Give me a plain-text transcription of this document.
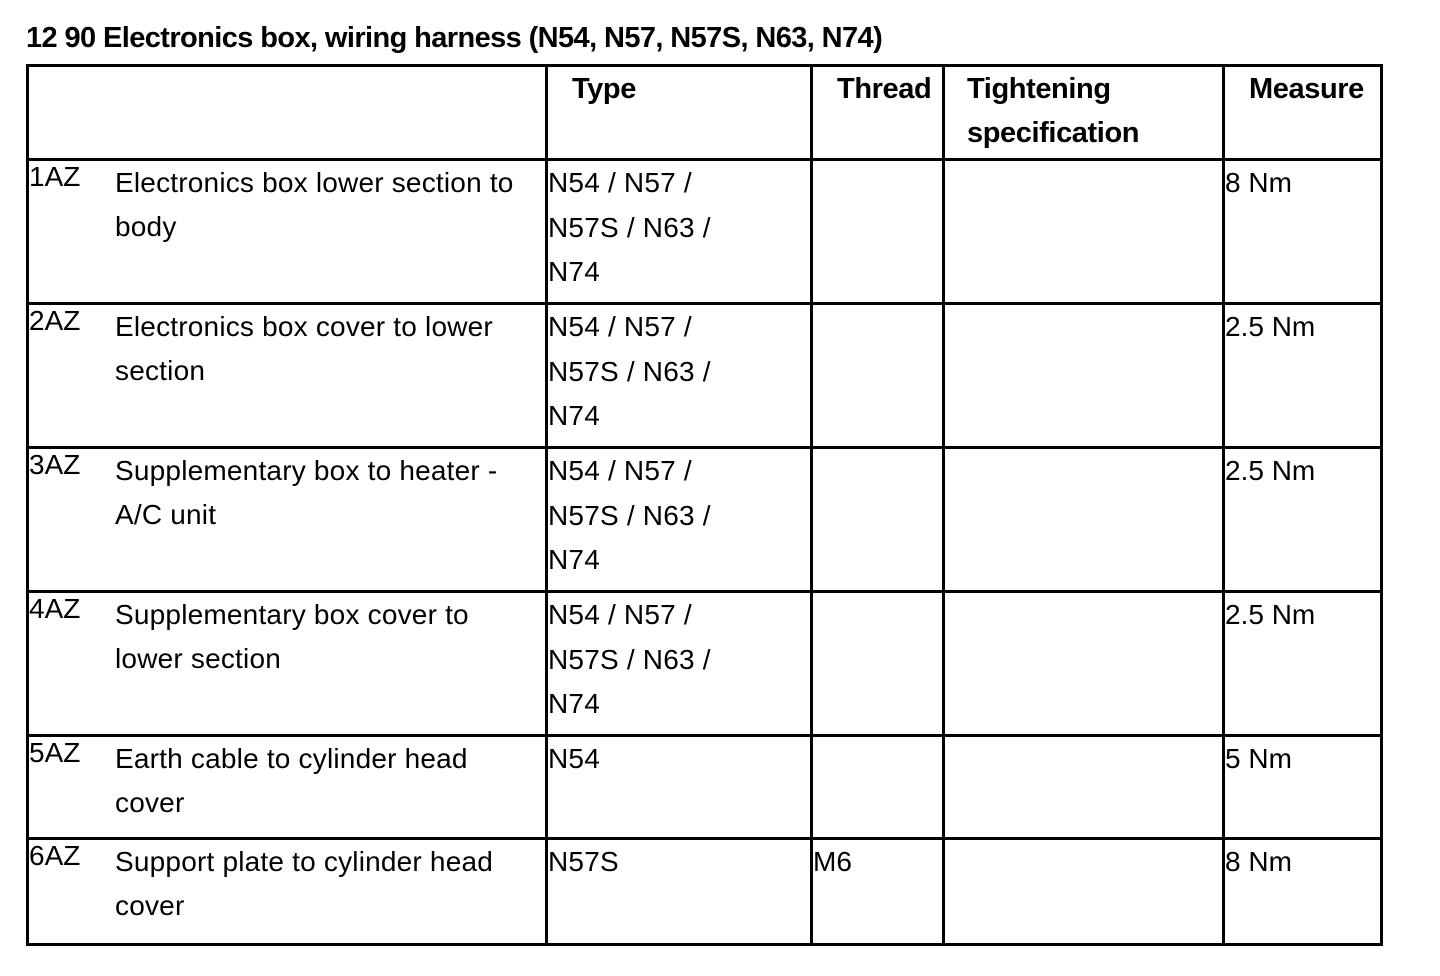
12 90 Electronics box, wiring harness (N54, N57, N57S, N63, N74)
	Type	Thread	Tightening specification	Measure
1AZ Electronics box lower section to body	N54 / N57 / N57S / N63 / N74			8 Nm
2AZ Electronics box cover to lower section	N54 / N57 / N57S / N63 / N74			2.5 Nm
3AZ Supplementary box to heater - A/C unit	N54 / N57 / N57S / N63 / N74			2.5 Nm
4AZ Supplementary box cover to lower section	N54 / N57 / N57S / N63 / N74			2.5 Nm
5AZ Earth cable to cylinder head cover	N54			5 Nm
6AZ Support plate to cylinder head cover	N57S	M6		8 Nm
